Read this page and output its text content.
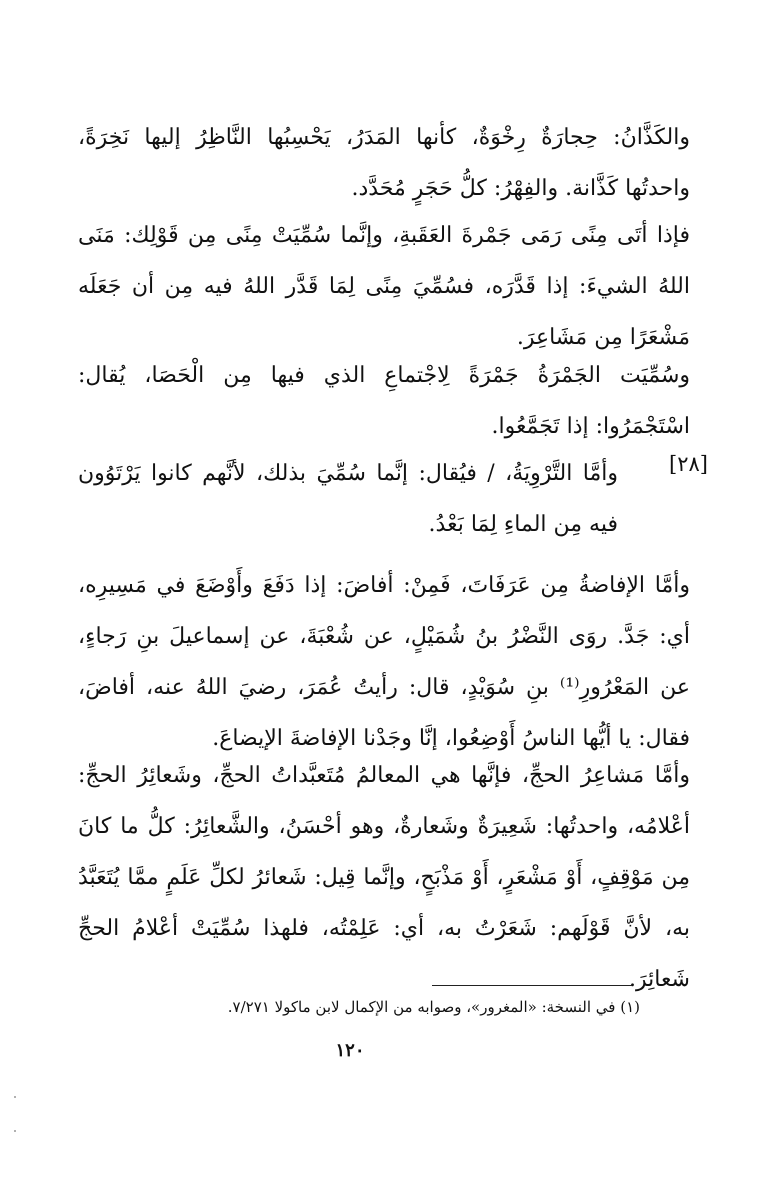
والكَذَّانُ: حِجارَةٌ رِخْوَةٌ، كأنها المَدَرُ، يَحْسِبُها النَّاظِرُ إليها نَخِرَةً، واحدتُها كَذَّانة. والفِهْرُ: كلُّ حَجَرٍ مُحَدَّد.

فإذا أتَى مِنًى رَمَى جَمْرةَ العَقَبةِ، وإنَّما سُمِّيَتْ مِنًى مِن قَوْلِك: مَنَى اللهُ الشيءَ: إذا قَدَّرَه، فسُمِّيَ مِنًى لِمَا قَدَّر اللهُ فيه مِن أن جَعَلَه مَشْعَرًا مِن مَشَاعِرَ.

وسُمِّيَت الجَمْرَةُ جَمْرَةً لِاجْتماعِ الذي فيها مِن الْحَصَا، يُقال: اسْتَجْمَرُوا: إذا تَجَمَّعُوا.

[٢٨]

وأمَّا التَّرْوِيَةُ، / فيُقال: إنَّما سُمِّيَ بذلك، لأنَّهم كانوا يَرْتَوُون فيه مِن الماءِ لِمَا بَعْدُ.

وأمَّا الإفاضةُ مِن عَرَفَاتَ، فَمِنْ: أفاضَ: إذا دَفَعَ وأَوْضَعَ في مَسِيرِه، أي: جَدَّ. روَى النَّضْرُ بنُ شُمَيْلٍ، عن شُعْبَةَ، عن إسماعيلَ بنِ رَجاءٍ، عن المَعْرُورِ⁽¹⁾ بنِ سُوَيْدٍ، قال: رأيتُ عُمَرَ، رضيَ اللهُ عنه، أفاضَ، فقال: يا أيُّها الناسُ أَوْضِعُوا، إنَّا وجَدْنا الإفاضةَ الإيضاعَ.

وأمَّا مَشاعِرُ الحجِّ، فإنَّها هي المعالمُ مُتَعبَّداتُ الحجِّ، وشَعائِرُ الحجِّ: أعْلامُه، واحدتُها: شَعِيرَةٌ وشَعارةٌ، وهو أحْسَنُ، والشَّعائِرُ: كلُّ ما كانَ مِن مَوْقِفٍ، أَوْ مَشْعَرٍ، أَوْ مَذْبَحٍ، وإنَّما قِيل: شَعائرُ لكلِّ عَلَمٍ ممَّا يُتَعَبَّدُ به، لأنَّ قَوْلَهم: شَعَرْتُ به، أي: عَلِمْتُه، فلهذا سُمِّيَتْ أعْلامُ الحجِّ شَعائِرَ.

(١) في النسخة: «المغرور»، وصوابه من الإكمال لابن ماكولا ٧/٢٧١.
١٢٠
